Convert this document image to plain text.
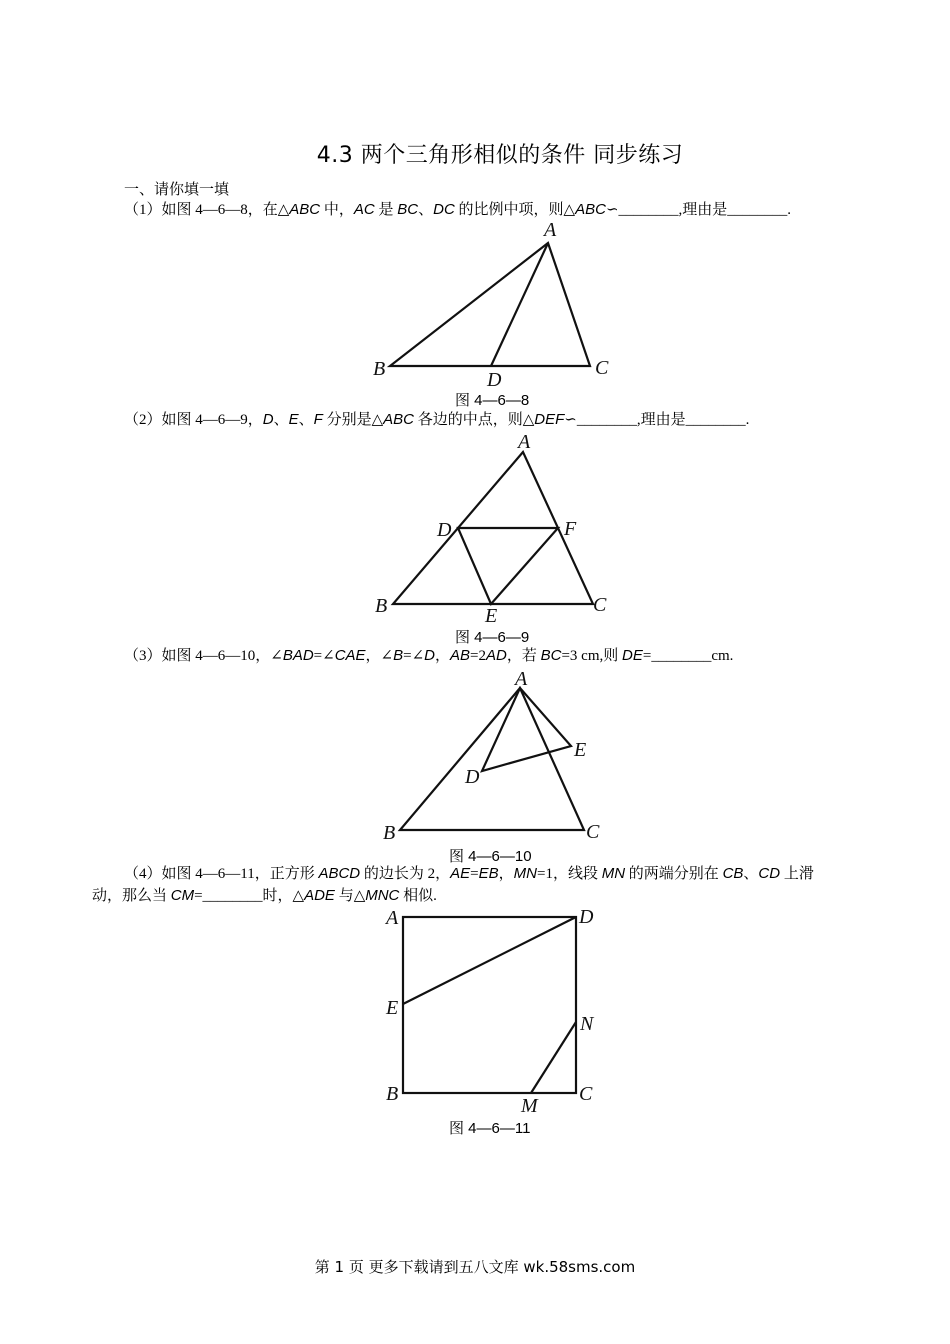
4.3 两个三角形相似的条件 同步练习
一、请你填一填
（1）如图 4—6—8，在△ABC 中，AC 是 BC、DC 的比例中项，则△ABC∽________,理由是________.
图 4—6—8
（2）如图 4—6—9，D、E、F 分别是△ABC 各边的中点，则△DEF∽________,理由是________.
图 4—6—9
（3）如图 4—6—10，∠BAD=∠CAE，∠B=∠D，AB=2AD，若 BC=3 cm,则 DE=________cm.
图 4—6—10
（4）如图 4—6—11，正方形 ABCD 的边长为 2，AE=EB，MN=1，线段 MN 的两端分别在 CB、CD 上滑
动，那么当 CM=________时，△ADE 与△MNC 相似.
图 4—6—11
A
B	C
D
A
B	C
D
E
F
A
B	C
D
E
A
B	C
D
E
M
N
第 1 页 更多下载请到五八文库 wk.58sms.com
